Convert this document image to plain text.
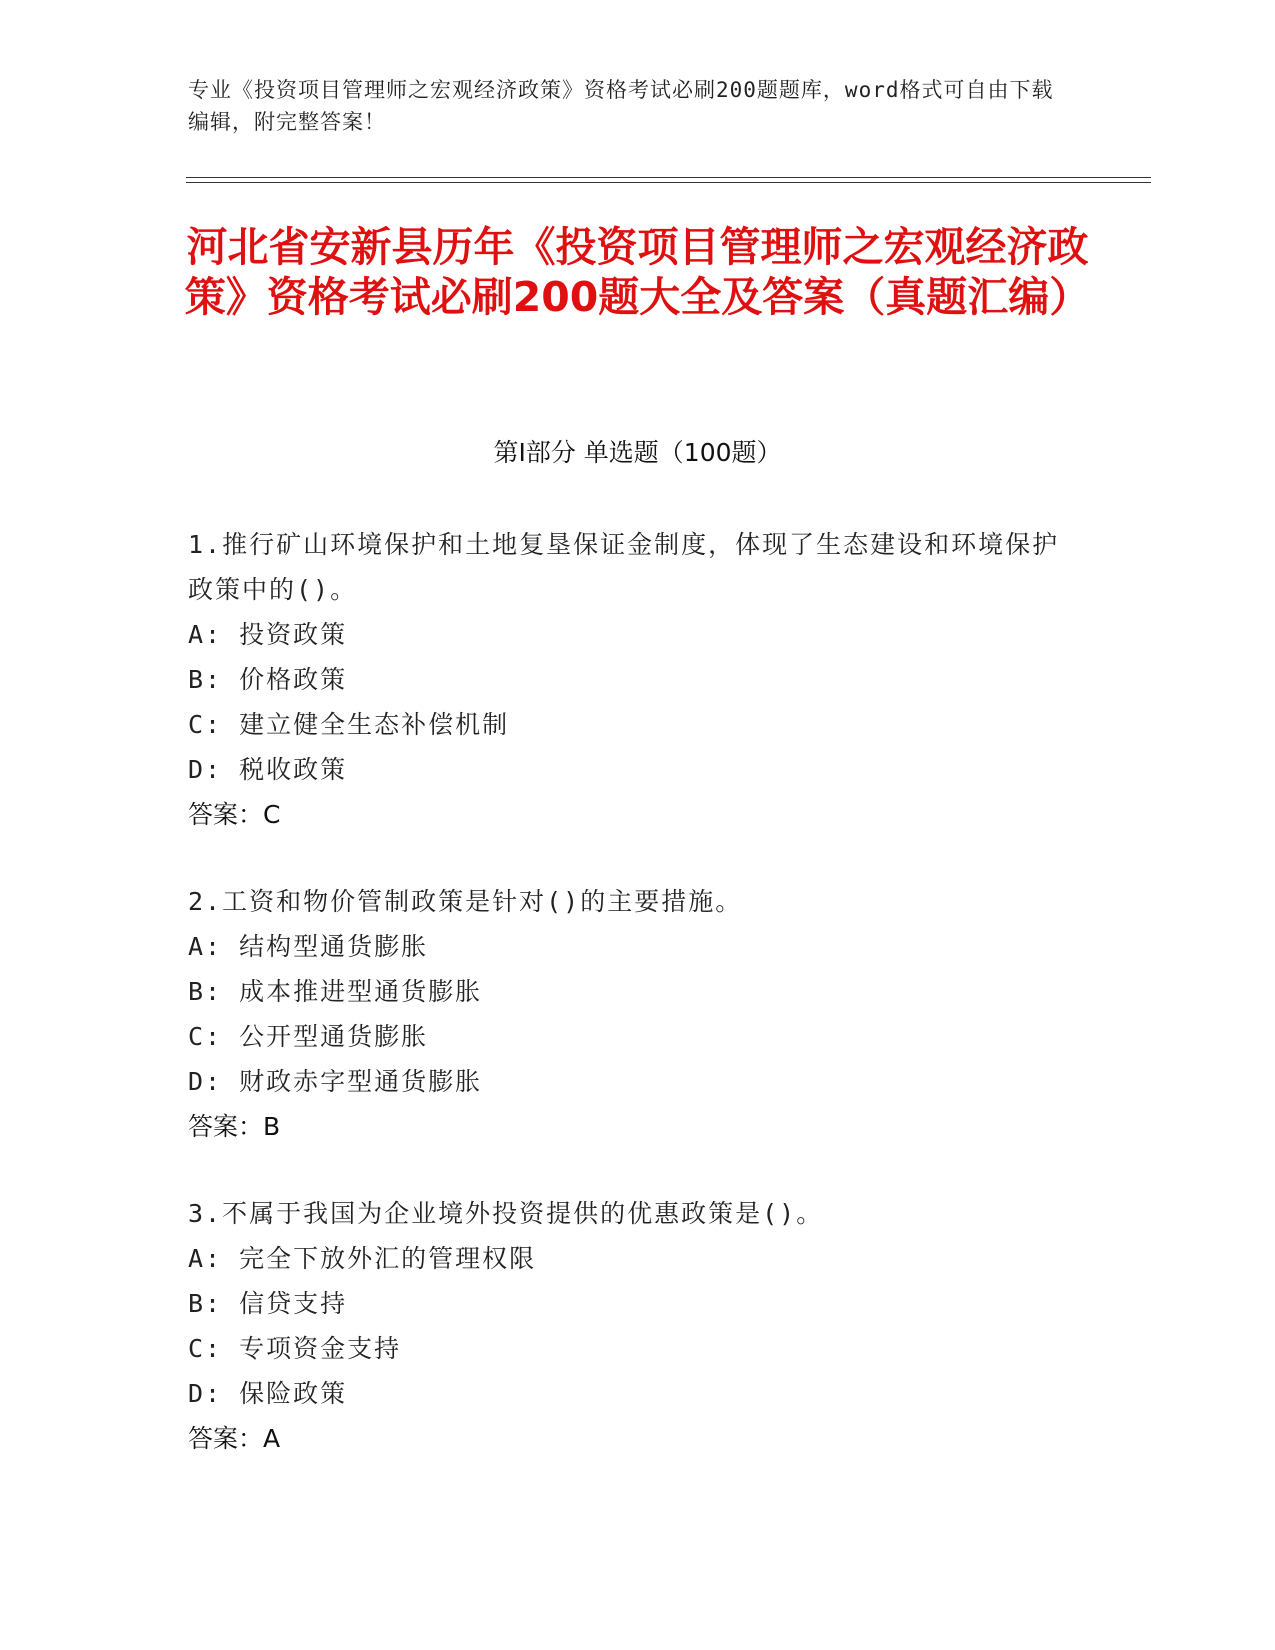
专业《投资项目管理师之宏观经济政策》资格考试必刷200题题库，word格式可自由下载编辑，附完整答案！
河北省安新县历年《投资项目管理师之宏观经济政策》资格考试必刷200题大全及答案（真题汇编）
第Ⅰ部分 单选题（100题）
1.推行矿山环境保护和土地复垦保证金制度，体现了生态建设和环境保护政策中的()。
A: 投资政策
B: 价格政策
C: 建立健全生态补偿机制
D: 税收政策
答案：C
2.工资和物价管制政策是针对()的主要措施。
A: 结构型通货膨胀
B: 成本推进型通货膨胀
C: 公开型通货膨胀
D: 财政赤字型通货膨胀
答案：B
3.不属于我国为企业境外投资提供的优惠政策是()。
A: 完全下放外汇的管理权限
B: 信贷支持
C: 专项资金支持
D: 保险政策
答案：A
